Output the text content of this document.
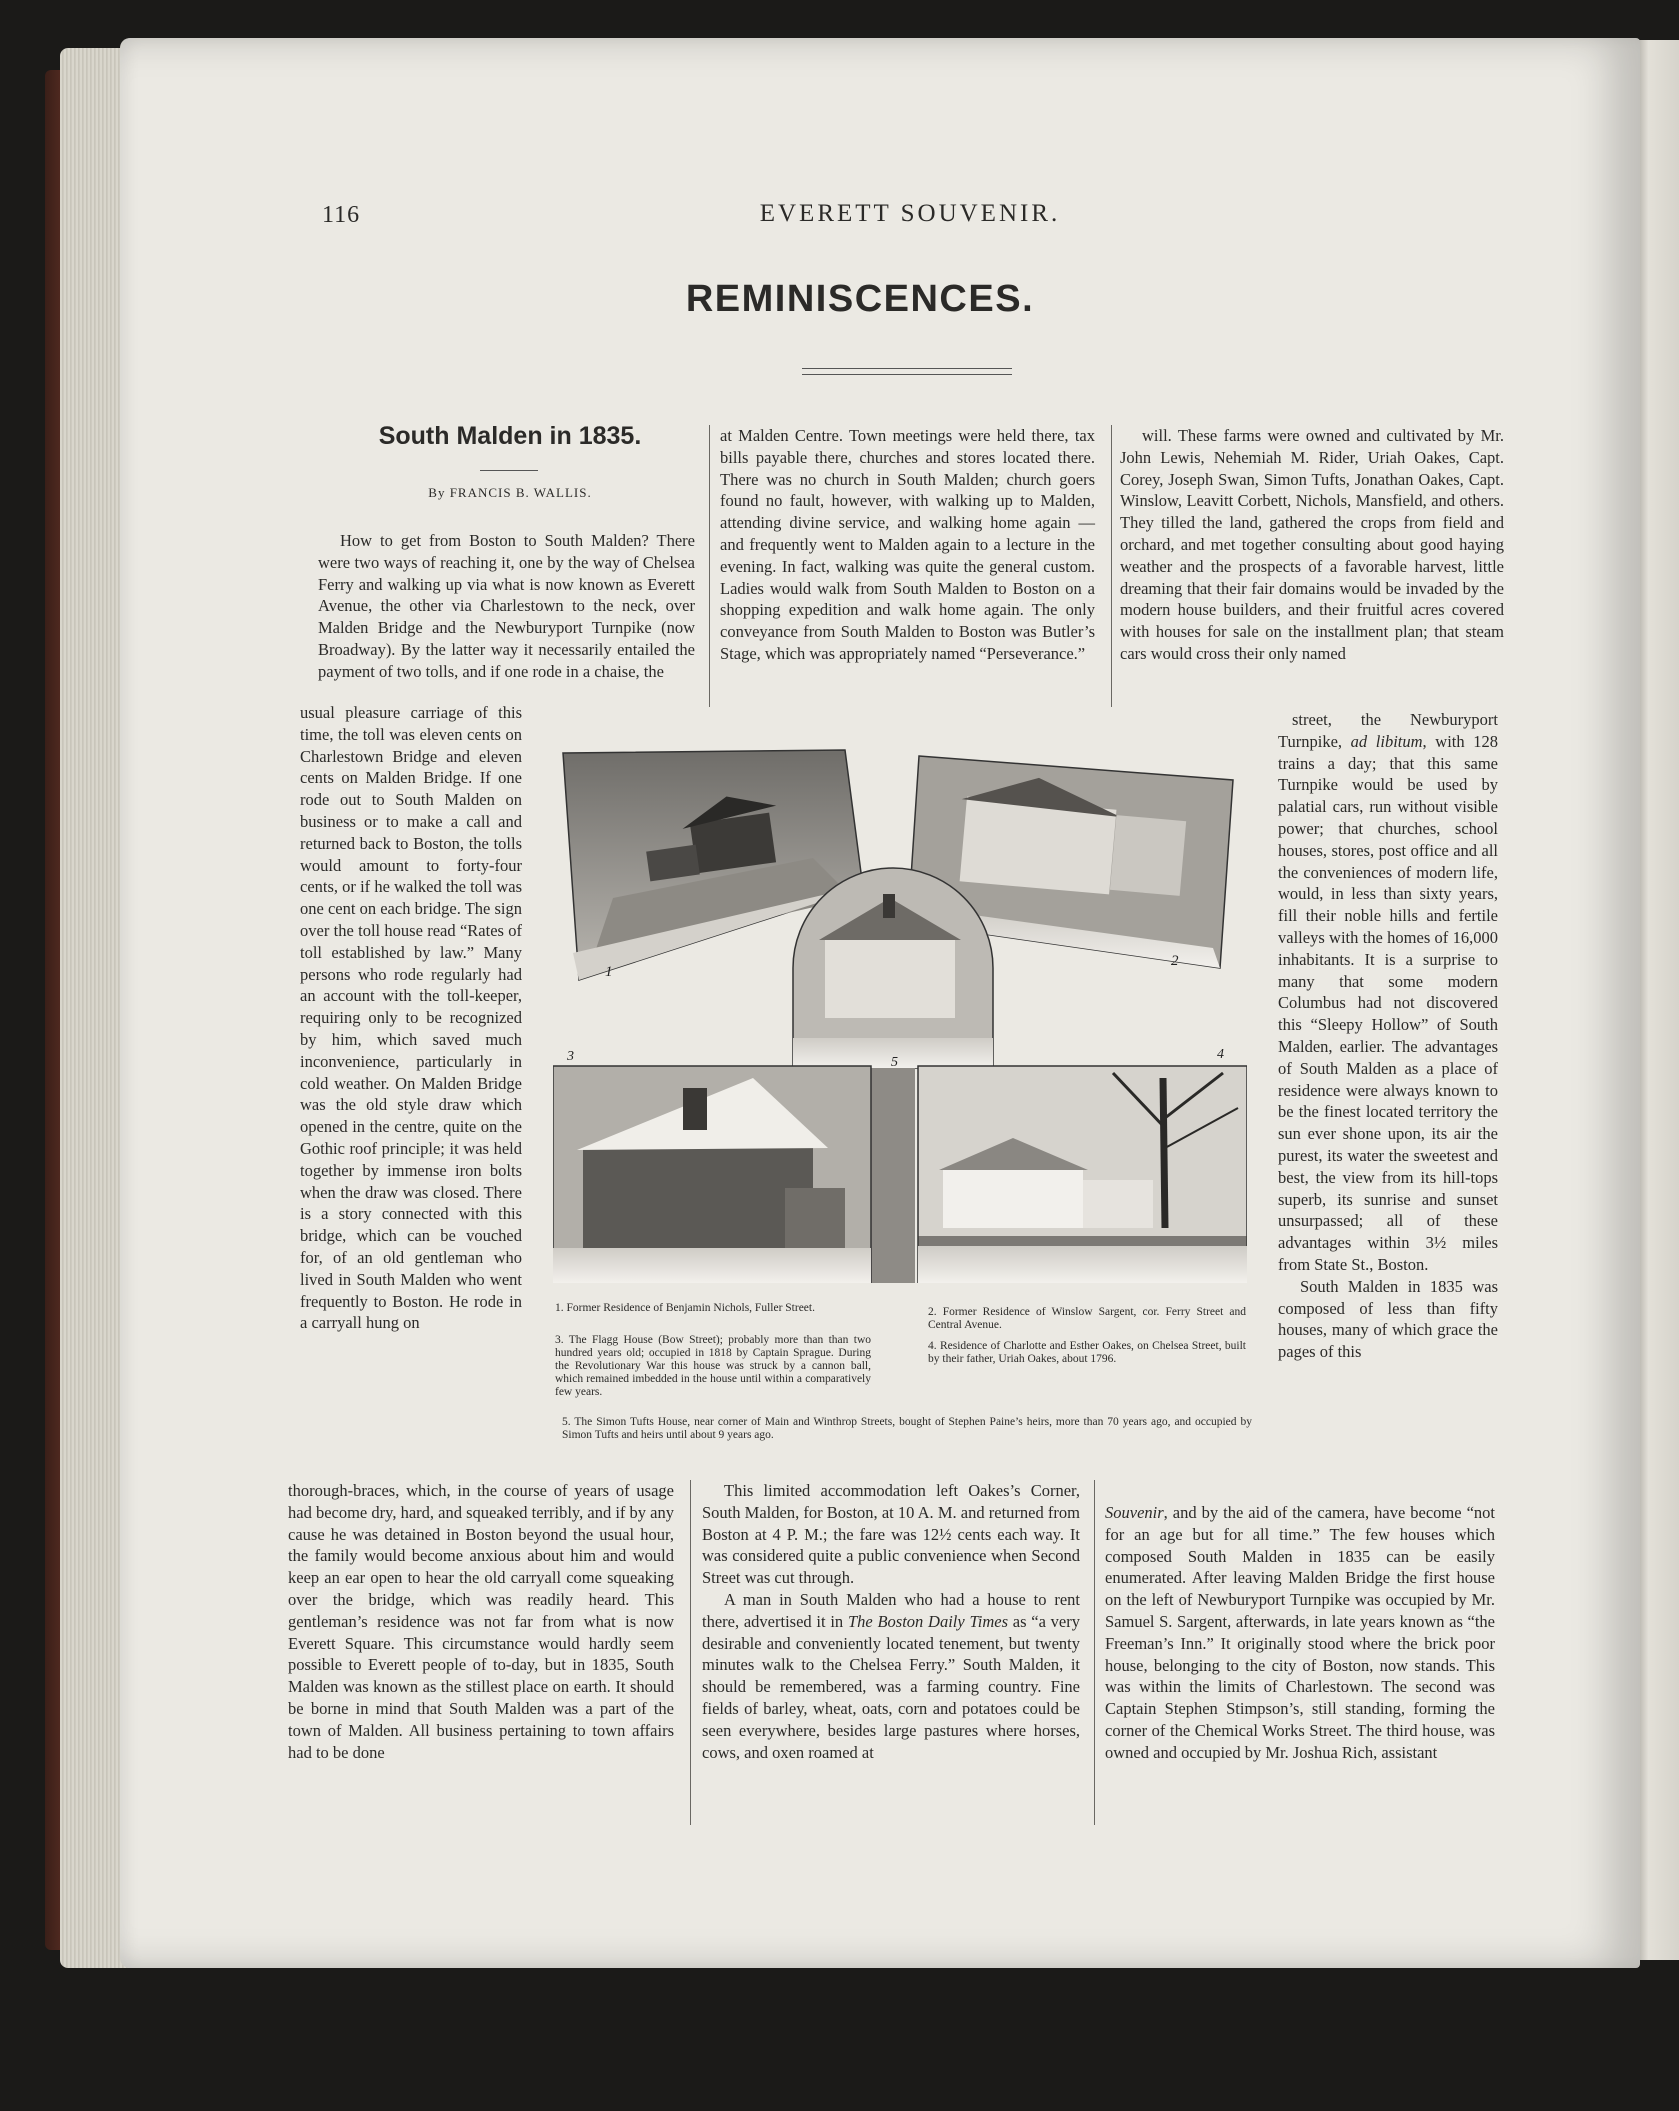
116	EVERETT SOUVENIR.
REMINISCENCES.
South Malden in 1835.
By FRANCIS B. WALLIS.

How to get from Boston to South Malden? There were two ways of reaching it, one by the way of Chelsea Ferry and walking up via what is now known as Everett Avenue, the other via Charlestown to the neck, over Malden Bridge and the Newburyport Turnpike (now Broadway). By the latter way it necessarily entailed the payment of two tolls, and if one rode in a chaise, the

usual pleasure carriage of this time, the toll was eleven cents on Charlestown Bridge and eleven cents on Malden Bridge. If one rode out to South Malden on business or to make a call and returned back to Boston, the tolls would amount to forty-four cents, or if he walked the toll was one cent on each bridge. The sign over the toll house read “Rates of toll established by law.” Many persons who rode regularly had an account with the toll-keeper, requiring only to be recognized by him, which saved much inconvenience, particularly in cold weather. On Malden Bridge was the old style draw which opened in the centre, quite on the Gothic roof principle; it was held together by immense iron bolts when the draw was closed. There is a story connected with this bridge, which can be vouched for, of an old gentleman who lived in South Malden who went frequently to Boston. He rode in a carryall hung on

thorough-braces, which, in the course of years of usage had become dry, hard, and squeaked terribly, and if by any cause he was detained in Boston beyond the usual hour, the family would become anxious about him and would keep an ear open to hear the old carryall come squeaking over the bridge, which was readily heard. This gentleman’s residence was not far from what is now Everett Square. This circumstance would hardly seem possible to Everett people of to-day, but in 1835, South Malden was known as the stillest place on earth. It should be borne in mind that South Malden was a part of the town of Malden. All business pertaining to town affairs had to be done

at Malden Centre. Town meetings were held there, tax bills payable there, churches and stores located there. There was no church in South Malden; church goers found no fault, however, with walking up to Malden, attending divine service, and walking home again — and frequently went to Malden again to a lecture in the evening. In fact, walking was quite the general custom. Ladies would walk from South Malden to Boston on a shopping expedition and walk home again. The only conveyance from South Malden to Boston was Butler’s Stage, which was appropriately named “Perseverance.”

This limited accommodation left Oakes’s Corner, South Malden, for Boston, at 10 A. M. and returned from Boston at 4 P. M.; the fare was 12½ cents each way. It was considered quite a public convenience when Second Street was cut through.

A man in South Malden who had a house to rent there, advertised it in The Boston Daily Times as “a very desirable and conveniently located tenement, but twenty minutes walk to the Chelsea Ferry.” South Malden, it should be remembered, was a farming country. Fine fields of barley, wheat, oats, corn and potatoes could be seen everywhere, besides large pastures where horses, cows, and oxen roamed at

will. These farms were owned and cultivated by Mr. John Lewis, Nehemiah M. Rider, Uriah Oakes, Capt. Corey, Joseph Swan, Simon Tufts, Jonathan Oakes, Capt. Winslow, Leavitt Corbett, Nichols, Mansfield, and others. They tilled the land, gathered the crops from field and orchard, and met together consulting about good haying weather and the prospects of a favorable harvest, little dreaming that their fair domains would be invaded by the modern house builders, and their fruitful acres covered with houses for sale on the installment plan; that steam cars would cross their only named

street, the Newburyport Turnpike, ad libitum, with 128 trains a day; that this same Turnpike would be used by palatial cars, run without visible power; that churches, school houses, stores, post office and all the conveniences of modern life, would, in less than sixty years, fill their noble hills and fertile valleys with the homes of 16,000 inhabitants. It is a surprise to many that some modern Columbus had not discovered this “Sleepy Hollow” of South Malden, earlier. The advantages of South Malden as a place of residence were always known to be the finest located territory the sun ever shone upon, its air the purest, its water the sweetest and best, the view from its hill-tops superb, its sunrise and sunset unsurpassed; all of these advantages within 3½ miles from State St., Boston.

South Malden in 1835 was composed of less than fifty houses, many of which grace the pages of this

Souvenir, and by the aid of the camera, have become “not for an age but for all time.” The few houses which composed South Malden in 1835 can be easily enumerated. After leaving Malden Bridge the first house on the left of Newburyport Turnpike was occupied by Mr. Samuel S. Sargent, afterwards, in late years known as “the Freeman’s Inn.” It originally stood where the brick poor house, belonging to the city of Boston, now stands. This was within the limits of Charlestown. The second was Captain Stephen Stimpson’s, still standing, forming the corner of the Chemical Works Street. The third house, was owned and occupied by Mr. Joshua Rich, assistant

1
2
3	4
5
1. Former Residence of Benjamin Nichols, Fuller Street.
3. The Flagg House (Bow Street); probably more than than two hundred years old; occupied in 1818 by Captain Sprague. During the Revolutionary War this house was struck by a cannon ball, which remained imbedded in the house until within a comparatively few years.
2. Former Residence of Winslow Sargent, cor. Ferry Street and Central Avenue.
4. Residence of Charlotte and Esther Oakes, on Chelsea Street, built by their father, Uriah Oakes, about 1796.
5. The Simon Tufts House, near corner of Main and Winthrop Streets, bought of Stephen Paine’s heirs, more than 70 years ago, and occupied by Simon Tufts and heirs until about 9 years ago.
